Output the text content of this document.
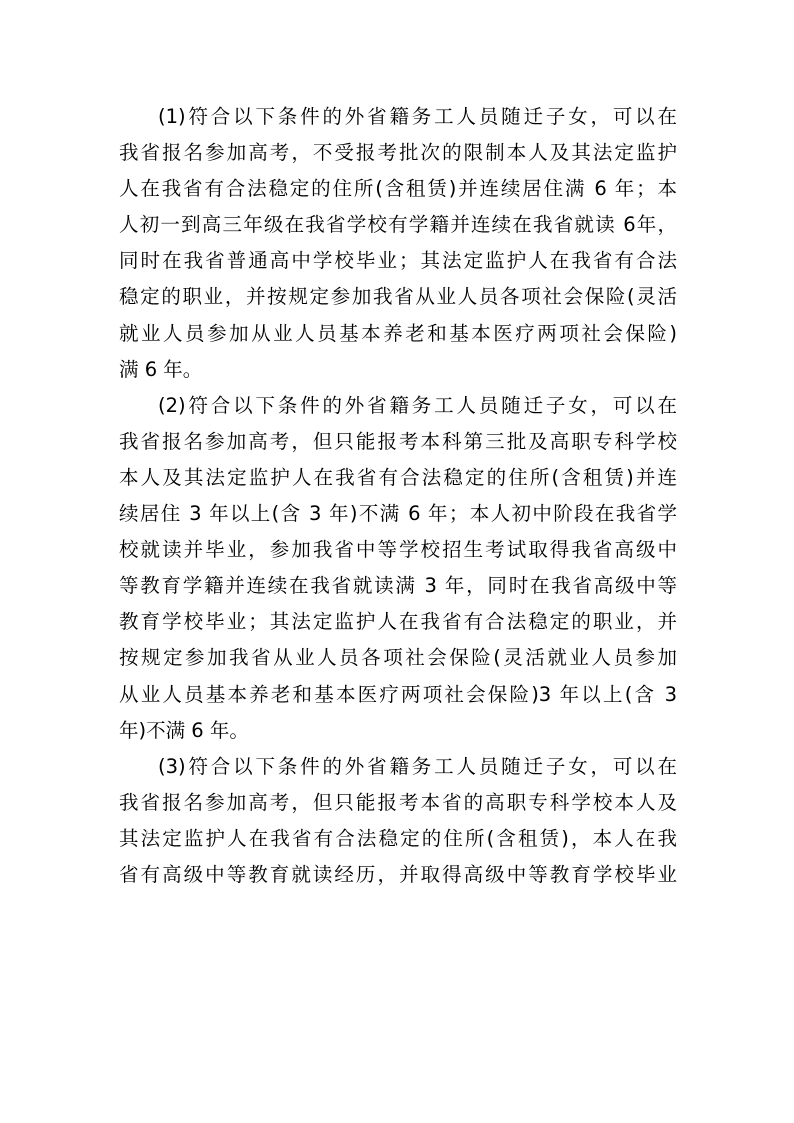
(1)符合以下条件的外省籍务工人员随迁子女，可以在
我省报名参加高考，不受报考批次的限制本人及其法定监护
人在我省有合法稳定的住所(含租赁)并连续居住满 6 年；本
人初一到高三年级在我省学校有学籍并连续在我省就读 6年，
同时在我省普通高中学校毕业；其法定监护人在我省有合法
稳定的职业，并按规定参加我省从业人员各项社会保险(灵活
就业人员参加从业人员基本养老和基本医疗两项社会保险)
满 6 年。
(2)符合以下条件的外省籍务工人员随迁子女，可以在
我省报名参加高考，但只能报考本科第三批及高职专科学校
本人及其法定监护人在我省有合法稳定的住所(含租赁)并连
续居住 3 年以上(含 3 年)不满 6 年；本人初中阶段在我省学
校就读并毕业，参加我省中等学校招生考试取得我省高级中
等教育学籍并连续在我省就读满 3 年，同时在我省高级中等
教育学校毕业；其法定监护人在我省有合法稳定的职业，并
按规定参加我省从业人员各项社会保险(灵活就业人员参加
从业人员基本养老和基本医疗两项社会保险)3 年以上(含 3
年)不满 6 年。
(3)符合以下条件的外省籍务工人员随迁子女，可以在
我省报名参加高考，但只能报考本省的高职专科学校本人及
其法定监护人在我省有合法稳定的住所(含租赁)，本人在我
省有高级中等教育就读经历，并取得高级中等教育学校毕业
